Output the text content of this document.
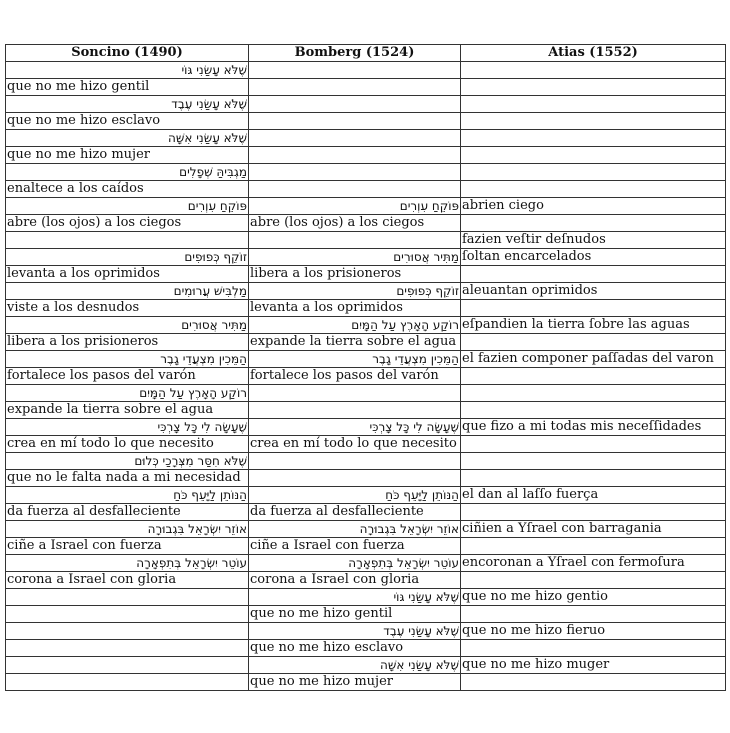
Soncino (1490)	Bomberg (1524)	Atias (1552)
שֶׁלֹּא עָשַׂנִי גּוֹי		
que no me hizo gentil		
שֶׁלֹּא עָשַׂנִי עֶבֶד		
que no me hizo esclavo		
שֶׁלֹּא עָשַׂנִי אִשָּׁה		
que no me hizo mujer		
מַגְבִּיהַּ שְׁפָלִים		
enaltece a los caídos		
פּוֹקֵחַ עִוְרִים	פּוֹקֵחַ עִוְרִים	abrien ciego
abre (los ojos) a los ciegos	abre (los ojos) a los ciegos	
		fazien veſtir deſnudos
זוֹקֵף כְּפוּפִים	מַתִּיר אֲסוּרִים	ſoltan encarcelados
levanta a los oprimidos	libera a los prisioneros	
מַלְבִּישׁ עֲרוּמִים	זוֹקֵף כְּפוּפִים	aleuantan oprimidos
viste a los desnudos	levanta a los oprimidos	
מַתִּיר אֲסוּרִים	רוֹקַע הָאָרֶץ עַל הַמָּיִם	eſpandien la tierra ſobre las aguas
libera a los prisioneros	expande la tierra sobre el agua	
הַמֵּכִין מִצְעֲדֵי גָבֶר	הַמֵּכִין מִצְעֲדֵי גָבֶר	el fazien componer paſſadas del varon
fortalece los pasos del varón	fortalece los pasos del varón	
רוֹקַע הָאָרֶץ עַל הַמָּיִם		
expande la tierra sobre el agua		
שֶׁעָשָׂה לִי כָּל צָרְכִּי	שֶׁעָשָׂה לִי כָּל צָרְכִּי	que fizo a mi todas mis neceſſidades
crea en mí todo lo que necesito	crea en mí todo lo que necesito	
שֶׁלֹּא חִסַּר מִצְּרָכַי כְּלוּם		
que no le falta nada a mi necesidad		
הַנּוֹתֵן לַיָּעֵף כֹּחַ	הַנּוֹתֵן לַיָּעֵף כֹּחַ	el dan al laſſo fuerça
da fuerza al desfalleciente	da fuerza al desfalleciente	
אוֹזֵר יִשְׂרָאֵל בִּגְבוּרָה	אוֹזֵר יִשְׂרָאֵל בִּגְבוּרָה	ciñien a Yſrael con barragania
ciñe a Israel con fuerza	ciñe a Israel con fuerza	
עוֹטֵר יִשְׂרָאֵל בְּתִפְאָרָה	עוֹטֵר יִשְׂרָאֵל בְּתִפְאָרָה	encoronan a Yſrael con fermoſura
corona a Israel con gloria	corona a Israel con gloria	
	שֶׁלֹּא עָשַׂנִי גּוֹי	que no me hizo gentio
	que no me hizo gentil	
	שֶׁלֹּא עָשַׂנִי עֶבֶד	que no me hizo fieruo
	que no me hizo esclavo	
	שֶׁלֹּא עָשַׂנִי אִשָּׁה	que no me hizo muger
	que no me hizo mujer	
